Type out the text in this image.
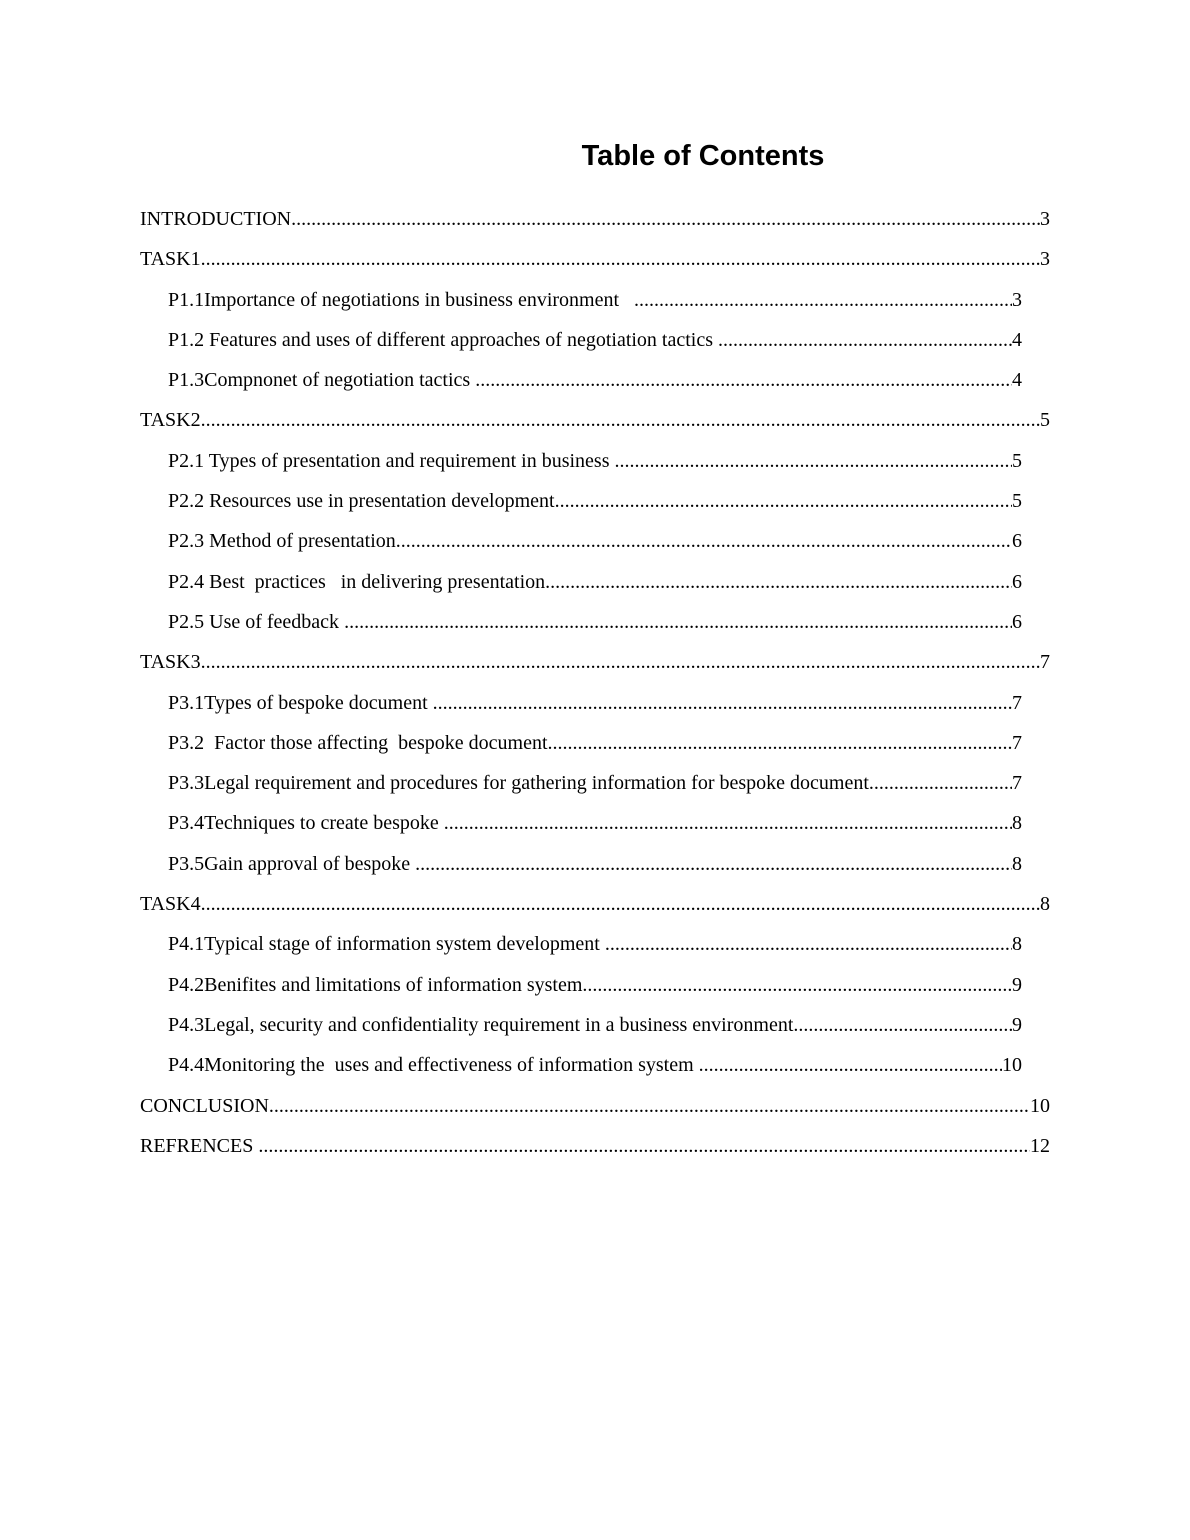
Table of Contents
INTRODUCTION .....	3
TASK1 .....	3
P1.1Importance of negotiations in business environment .....	3
P1.2 Features and uses of different approaches of negotiation tactics .....	4
P1.3Compnonet of negotiation tactics .....	4
TASK2 .....	5
P2.1 Types of presentation and requirement in business .....	5
P2.2 Resources use in presentation development .....	5
P2.3 Method of presentation .....	6
P2.4 Best  practices   in delivering presentation .....	6
P2.5 Use of feedback .....	6
TASK3 .....	7
P3.1Types of bespoke document .....	7
P3.2  Factor those affecting  bespoke document .....	7
P3.3Legal requirement and procedures for gathering information for bespoke document .....	7
P3.4Techniques to create bespoke .....	8
P3.5Gain approval of bespoke .....	8
TASK4 .....	8
P4.1Typical stage of information system development .....	8
P4.2Benifites and limitations of information system .....	9
P4.3Legal, security and confidentiality requirement in a business environment .....	9
P4.4Monitoring the  uses and effectiveness of information system .....	10
CONCLUSION .....	10
REFRENCES .....	12
